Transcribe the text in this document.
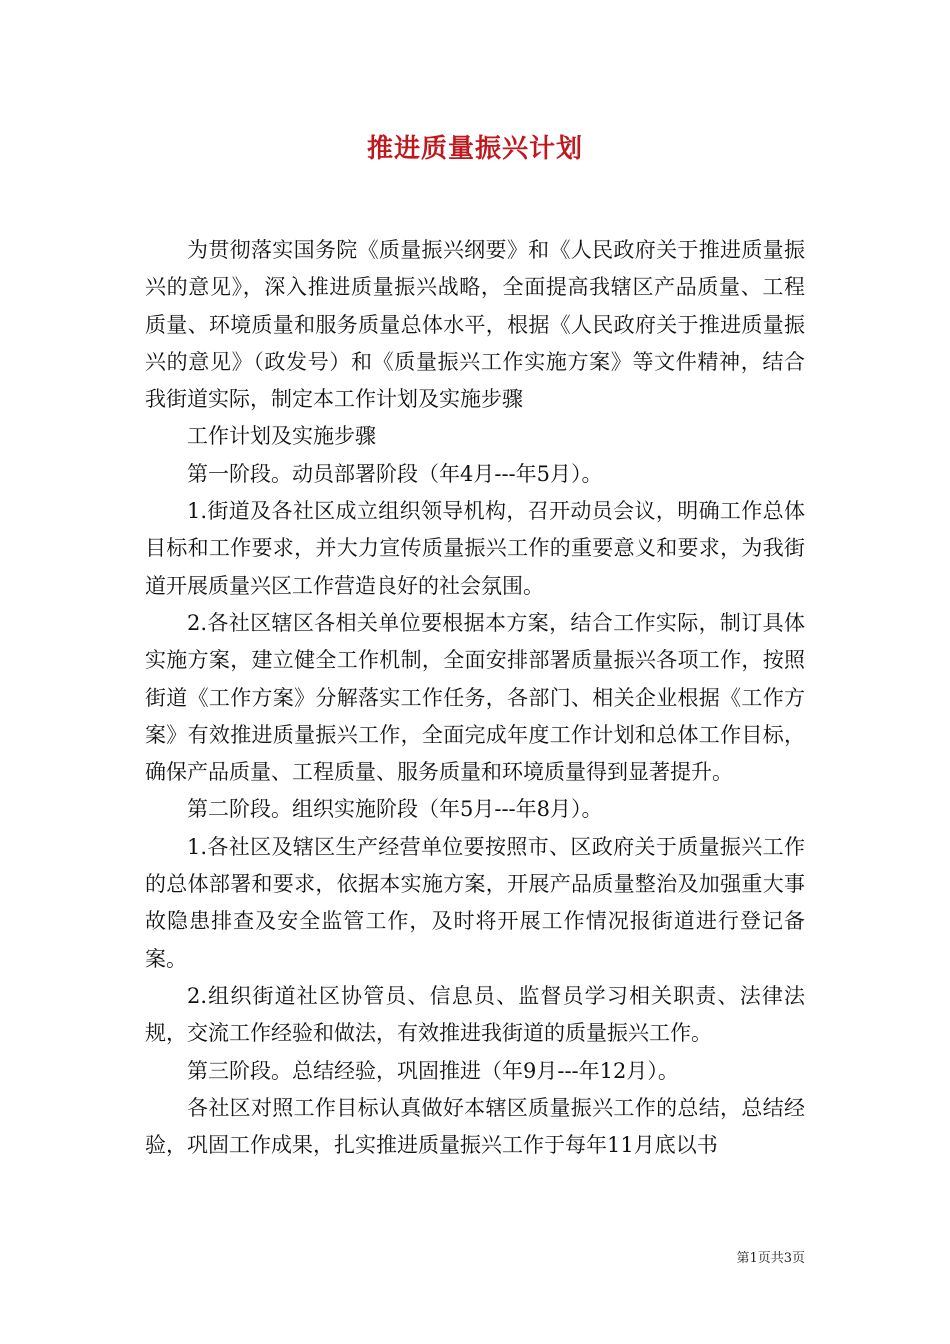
推进质量振兴计划

为贯彻落实国务院《质量振兴纲要》和《人民政府关于推进质量振兴的意见》，深入推进质量振兴战略，全面提高我辖区产品质量、工程质量、环境质量和服务质量总体水平，根据《人民政府关于推进质量振兴的意见》（政发号）和《质量振兴工作实施方案》等文件精神，结合我街道实际，制定本工作计划及实施步骤

工作计划及实施步骤

第一阶段。动员部署阶段（年4月---年5月）。

1.街道及各社区成立组织领导机构，召开动员会议，明确工作总体目标和工作要求，并大力宣传质量振兴工作的重要意义和要求，为我街道开展质量兴区工作营造良好的社会氛围。

2.各社区辖区各相关单位要根据本方案，结合工作实际，制订具体实施方案，建立健全工作机制，全面安排部署质量振兴各项工作，按照街道《工作方案》分解落实工作任务，各部门、相关企业根据《工作方案》有效推进质量振兴工作，全面完成年度工作计划和总体工作目标，确保产品质量、工程质量、服务质量和环境质量得到显著提升。

第二阶段。组织实施阶段（年5月---年8月）。

1.各社区及辖区生产经营单位要按照市、区政府关于质量振兴工作的总体部署和要求，依据本实施方案，开展产品质量整治及加强重大事故隐患排查及安全监管工作，及时将开展工作情况报街道进行登记备案。

2.组织街道社区协管员、信息员、监督员学习相关职责、法律法规，交流工作经验和做法，有效推进我街道的质量振兴工作。

第三阶段。总结经验，巩固推进（年9月---年12月）。

各社区对照工作目标认真做好本辖区质量振兴工作的总结，总结经验，巩固工作成果，扎实推进质量振兴工作于每年11月底以书

第1页共3页
